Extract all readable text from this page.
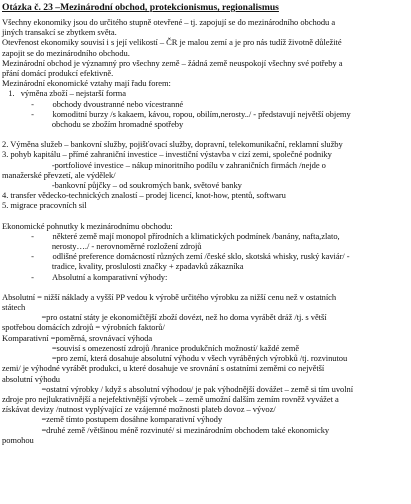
Otázka č. 23 –Mezinárodní obchod, protekcionismus, regionalismus
Všechny ekonomiky jsou do určitého stupně otevřené – tj. zapojují se do mezinárodního obchodu a
jiných transakcí se zbytkem světa.
Otevřenost ekonomiky souvisí i s její velikostí – ČR je malou zemí a je pro nás tudíž životně důležité
zapojit se do mezinárodního obchodu.
Mezinárodní obchod je významný pro všechny země – žádná země neuspokojí všechny své potřeby a
přání domácí produkcí efektivně.
Mezinárodní ekonomické vztahy mají řadu forem:
1.   výměna zboží – nejstarší forma
-         obchody dvoustranné nebo vícestranné
-         komoditní burzy /s kakaem, kávou, ropou, obilím,nerosty../ - představují největší objemy
obchodu se zbožím hromadné spotřeby
2. Výměna služeb – bankovní služby, pojišťovací služby, dopravní, telekomunikační, reklamní služby
3. pohyb kapitálu – přímé zahraniční investice – investiční výstavba v cizí zemi, společné podniky
-portfoliové investice – nákup minoritního podílu v zahraničních firmách /nejde o
manažerské převzetí, ale výdělek/
-bankovní půjčky – od soukromých bank, světové banky
4. transfer vědecko-technických znalostí – prodej licencí, knot-how, ptentů, softwaru
5. migrace pracovních sil
Ekonomické pohnutky k mezinárodnímu obchodu:
-         některé země mají monopol přírodních a klimatických podmínek /banány, nafta,zlato,
nerosty…./ - nerovnoměrné rozložení zdrojů
-         odlišné preference domácností různých zemí /české sklo, skotská whisky, ruský kaviár/ -
tradice, kvality, proslulosti značky + zpadavků zákazníka
-         Absolutní a komparativní výhody:
Absolutní = nižší náklady a vyšší PP vedou k výrobě určitého výrobku za nižší cenu než v ostatních
státech
=pro ostatní státy je ekonomičtější zboží dovézt, než ho doma vyrábět dráž /tj. s větší
spotřebou domácích zdrojů = výrobních faktorů/
Komparativní =poměrná, srovnávací výhoda
=souvisí s omezeností zdrojů /hranice produkčních možností/ každé země
=pro zemí, která dosahuje absolutní výhodu v všech vyráběných výrobků /tj. rozvinutou
zemi/ je výhodné vyrábět produkci, u které dosahuje ve srovnání s ostatními zeměmi co největší
absolutní výhodu
=ostatní výrobky / když s absolutní výhodou/ je pak výhodnější dovážet – země si tím uvolní
zdroje pro nejlukrativnější a nejefektivnější výrobek – země umožní dalším zemím rovněž vyvážet a
získávat devizy /nutnost vyplývající ze vzájemné možnosti plateb dovoz – vývoz/
=země tímto postupem dosáhne komparativní výhody
=druhé země /většinou méně rozvinuté/ si mezinárodním obchodem také ekonomicky
pomohou
